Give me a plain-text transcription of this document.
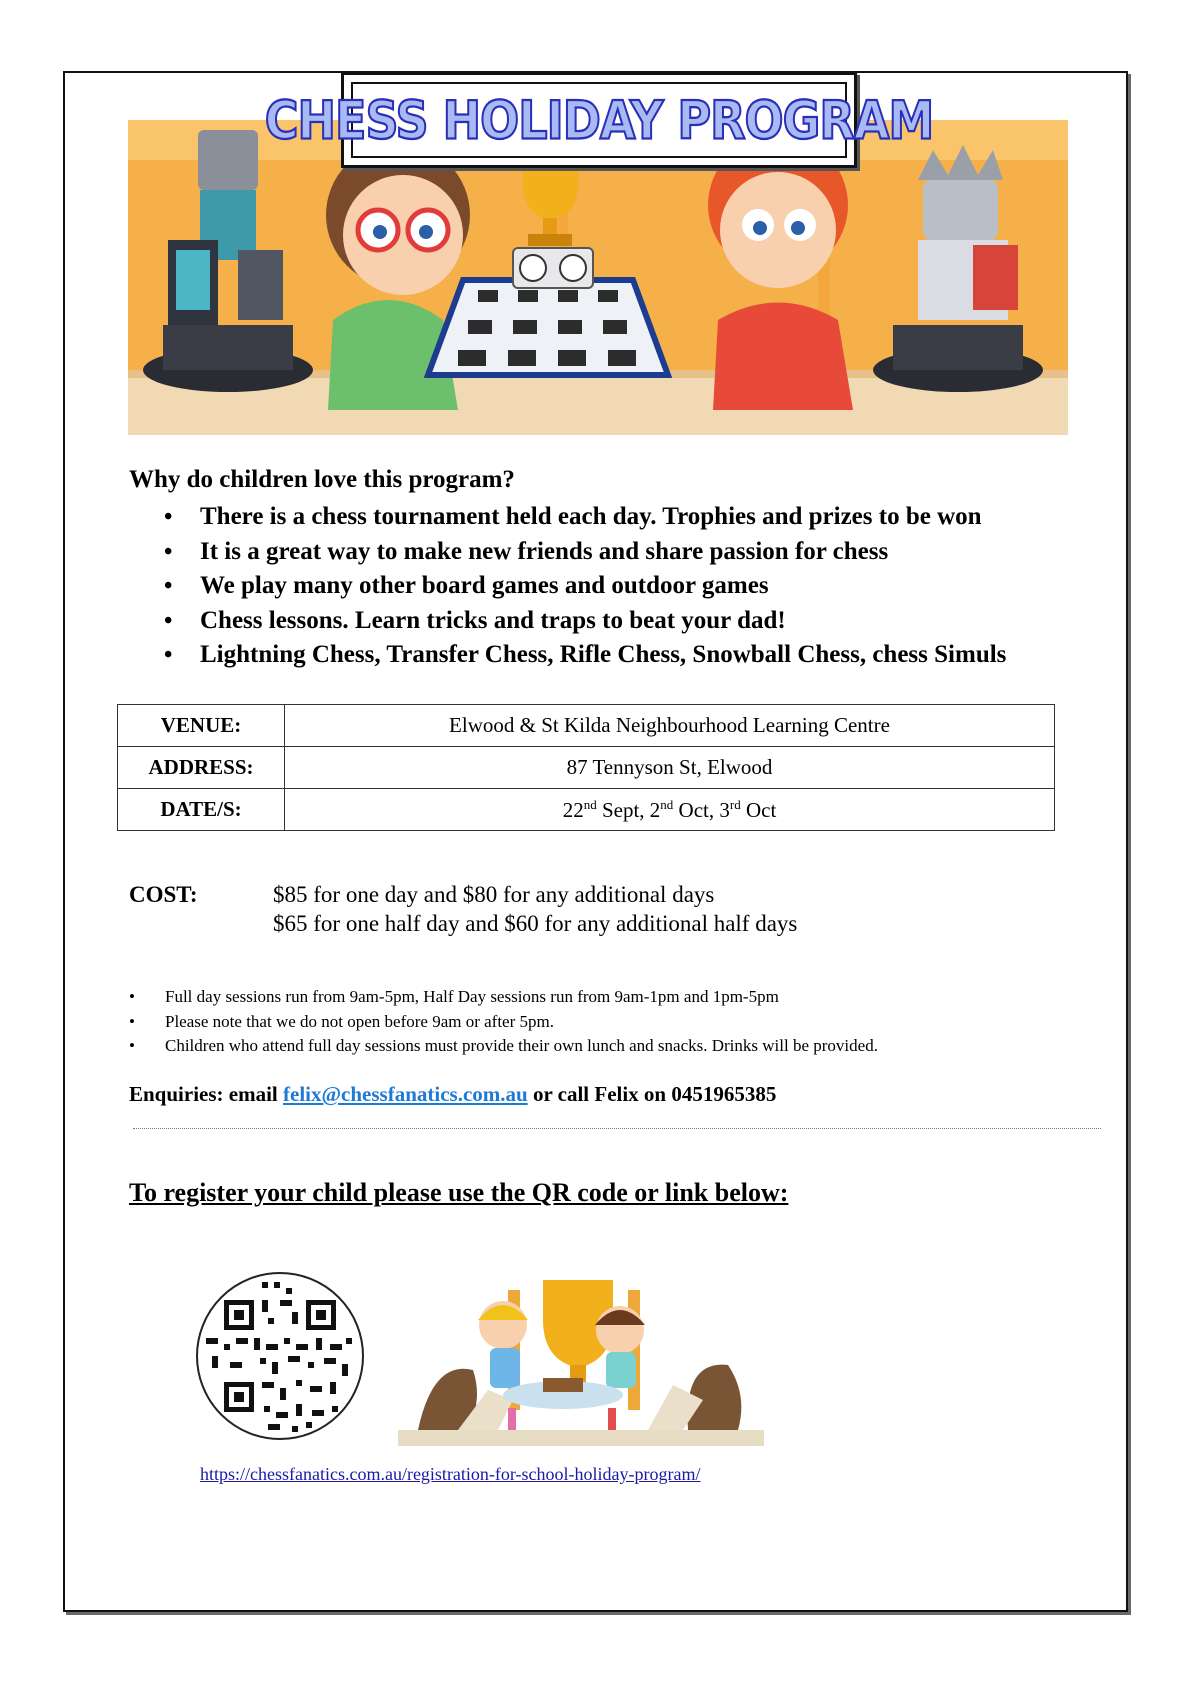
CHESS HOLIDAY PROGRAM
Why do children love this program?
• There is a chess tournament held each day. Trophies and prizes to be won
• It is a great way to make new friends and share passion for chess
• We play many other board games and outdoor games
• Chess lessons. Learn tricks and traps to beat your dad!
• Lightning Chess, Transfer Chess, Rifle Chess, Snowball Chess, chess Simuls
VENUE:	Elwood & St Kilda Neighbourhood Learning Centre
ADDRESS:	87 Tennyson St, Elwood
DATE/S:	22nd Sept, 2nd Oct, 3rd Oct
COST:	$85 for one day and $80 for any additional days
$65 for one half day and $60 for any additional half days
• Full day sessions run from 9am-5pm, Half Day sessions run from 9am-1pm and 1pm-5pm
• Please note that we do not open before 9am or after 5pm.
• Children who attend full day sessions must provide their own lunch and snacks. Drinks will be provided.
Enquiries: email felix@chessfanatics.com.au or call Felix on 0451965385
To register your child please use the QR code or link below:
https://chessfanatics.com.au/registration-for-school-holiday-program/
